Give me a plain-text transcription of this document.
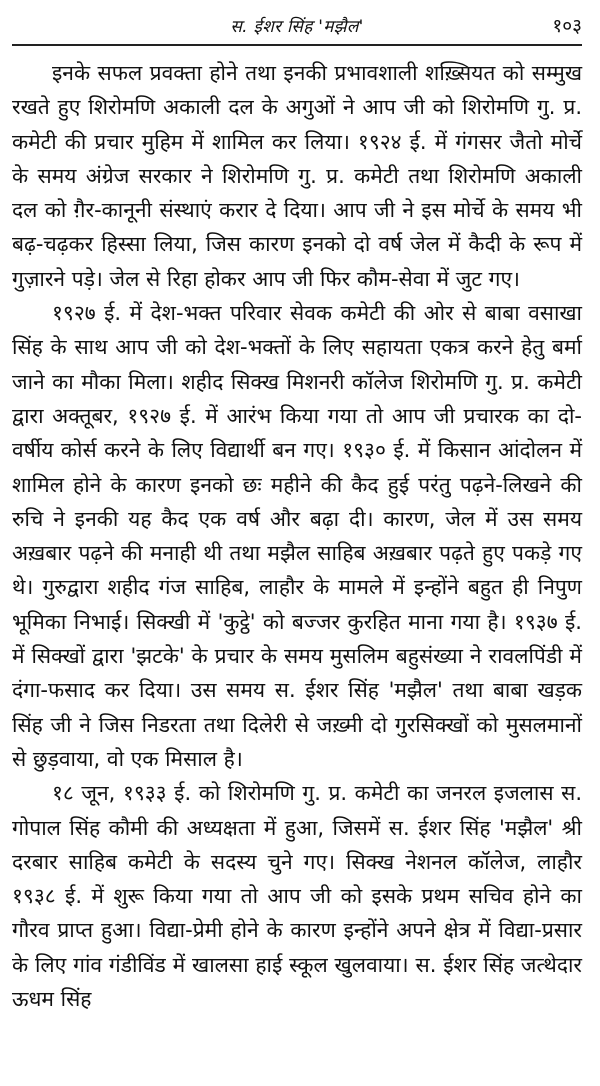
स. ईशर सिंह 'मझैल'	१०३

इनके सफल प्रवक्ता होने तथा इनकी प्रभावशाली शख़्सियत को सम्मुख रखते हुए शिरोमणि अकाली दल के अगुओं ने आप जी को शिरोमणि गु. प्र. कमेटी की प्रचार मुहिम में शामिल कर लिया। १९२४ ई. में गंगसर जैतो मोर्चे के समय अंग्रेज सरकार ने शिरोमणि गु. प्र. कमेटी तथा शिरोमणि अकाली दल को ग़ैर-कानूनी संस्थाएं करार दे दिया। आप जी ने इस मोर्चे के समय भी बढ़-चढ़कर हिस्सा लिया, जिस कारण इनको दो वर्ष जेल में कैदी के रूप में गुज़ारने पड़े। जेल से रिहा होकर आप जी फिर कौम-सेवा में जुट गए।

१९२७ ई. में देश-भक्त परिवार सेवक कमेटी की ओर से बाबा वसाखा सिंह के साथ आप जी को देश-भक्तों के लिए सहायता एकत्र करने हेतु बर्मा जाने का मौका मिला। शहीद सिक्ख मिशनरी कॉलेज शिरोमणि गु. प्र. कमेटी द्वारा अक्तूबर, १९२७ ई. में आरंभ किया गया तो आप जी प्रचारक का दो-वर्षीय कोर्स करने के लिए विद्यार्थी बन गए। १९३० ई. में किसान आंदोलन में शामिल होने के कारण इनको छः महीने की कैद हुई परंतु पढ़ने-लिखने की रुचि ने इनकी यह कैद एक वर्ष और बढ़ा दी। कारण, जेल में उस समय अख़बार पढ़ने की मनाही थी तथा मझैल साहिब अख़बार पढ़ते हुए पकड़े गए थे। गुरुद्वारा शहीद गंज साहिब, लाहौर के मामले में इन्होंने बहुत ही निपुण भूमिका निभाई। सिक्खी में 'कुट्ठे' को बज्जर कुरहित माना गया है। १९३७ ई. में सिक्खों द्वारा 'झटके' के प्रचार के समय मुसलिम बहुसंख्या ने रावलपिंडी में दंगा-फसाद कर दिया। उस समय स. ईशर सिंह 'मझैल' तथा बाबा खड़क सिंह जी ने जिस निडरता तथा दिलेरी से जख़्मी दो गुरसिक्खों को मुसलमानों से छुड़वाया, वो एक मिसाल है।

१८ जून, १९३३ ई. को शिरोमणि गु. प्र. कमेटी का जनरल इजलास स. गोपाल सिंह कौमी की अध्यक्षता में हुआ, जिसमें स. ईशर सिंह 'मझैल' श्री दरबार साहिब कमेटी के सदस्य चुने गए। सिक्ख नेशनल कॉलेज, लाहौर १९३८ ई. में शुरू किया गया तो आप जी को इसके प्रथम सचिव होने का गौरव प्राप्त हुआ। विद्या-प्रेमी होने के कारण इन्होंने अपने क्षेत्र में विद्या-प्रसार के लिए गांव गंडीविंड में खालसा हाई स्कूल खुलवाया। स. ईशर सिंह जत्थेदार ऊधम सिंह
